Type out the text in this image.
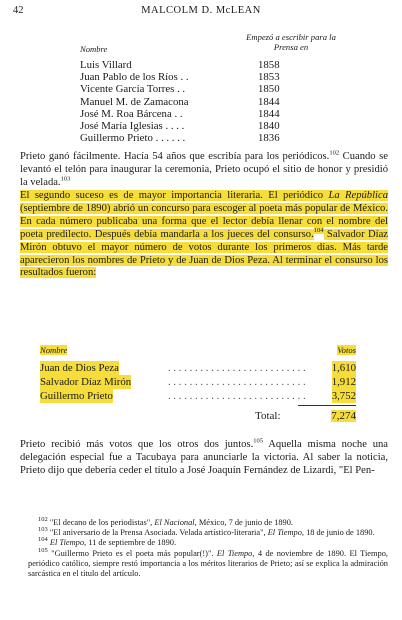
42	MALCOLM D. McLEAN
Nombre
Empezó a escribir para la Prensa en
Luis Villard	1858
Juan Pablo de los Ríos . .	1853
Vicente García Torres . .	1850
Manuel M. de Zamacona	1844
José M. Roa Bárcena . .	1844
José María Iglesias . . . .	1840
Guillermo Prieto . . . . . .	1836

Prieto ganó fácilmente. Hacía 54 años que escribía para los periódicos.$^{102}$ Cuando se levantó el telón para inaugurar la ceremonia, Prieto ocupó el sitio de honor y presidió la velada.$^{103}$

El segundo suceso es de mayor importancia literaria. El periódico La República (septiembre de 1890) abrió un concurso para escoger al poeta más popular de México. En cada número publicaba una forma que el lector debía llenar con el nombre del poeta predilecto. Después debía mandarla a los jueces del consurso.$^{104}$ Salvador Díaz Mirón obtuvo el mayor número de votos durante los primeros días. Más tarde aparecieron los nombres de Prieto y de Juan de Dios Peza. Al terminar el consurso los resultados fueron:

Nombre	Votos
Juan de Dios Peza	. . . . . . . . . . . . . . . . . . . . . . . . . . 1,610
Salvador Díaz Mirón	. . . . . . . . . . . . . . . . . . . . . . . . . . 1,912
Guillermo Prieto	. . . . . . . . . . . . . . . . . . . . . . . . . . 3,752
Total:	7,274

Prieto recibió más votos que los otros dos juntos.$^{105}$ Aquella misma noche una delegación especial fue a Tacubaya para anunciarle la victoria. Al saber la noticia, Prieto dijo que debería ceder el título a José Joaquín Fernández de Lizardi, "El Pen-

$^{102}$ "El decano de los periodistas", El Nacional, México, 7 de junio de 1890.

$^{103}$ "El aniversario de la Prensa Asociada. Velada artístico-literaria", El Tiempo, 18 de junio de 1890.

$^{104}$ El Tiempo, 11 de septiembre de 1890.

$^{105}$ "Guillermo Prieto es el poeta más popular(!)". El Tiempo, 4 de noviembre de 1890. El Tiempo, periódico católico, siempre restó importancia a los méritos literarios de Prieto; así se explica la admiración sarcástica en el título del artículo.
